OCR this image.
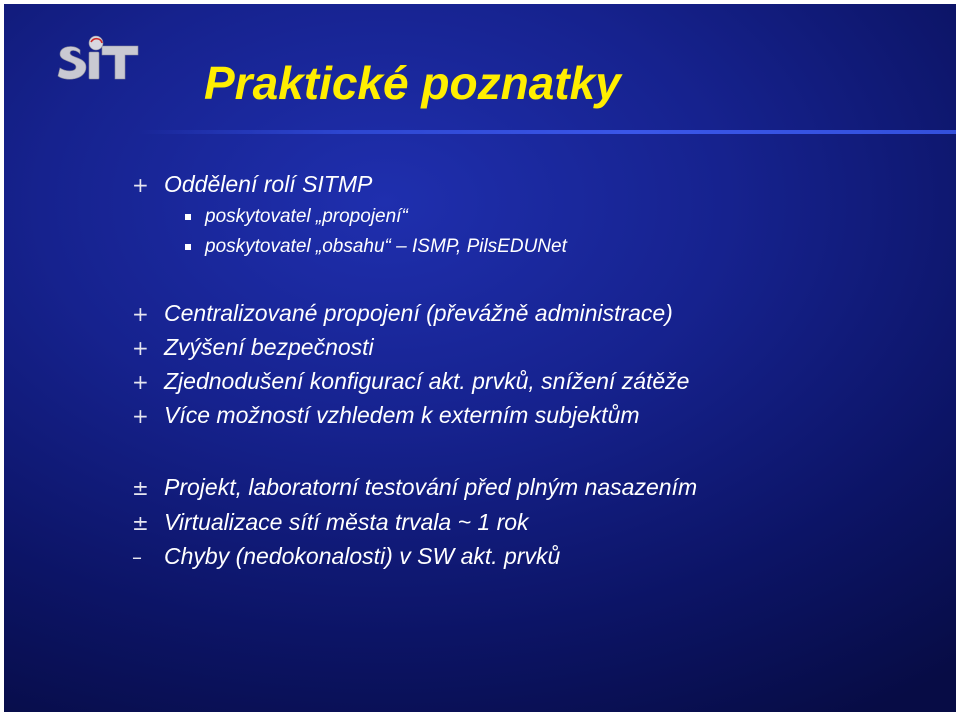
Praktické poznatky
+ Oddělení rolí SITMP
poskytovatel „propojení“
poskytovatel „obsahu“ – ISMP, PilsEDUNet
+ Centralizované propojení (převážně administrace)
+ Zvýšení bezpečnosti
+ Zjednodušení konfigurací akt. prvků, snížení zátěže
+ Více možností vzhledem k externím subjektům
± Projekt, laboratorní testování před plným nasazením
± Virtualizace sítí města trvala ~ 1 rok
– Chyby (nedokonalosti) v SW akt. prvků
